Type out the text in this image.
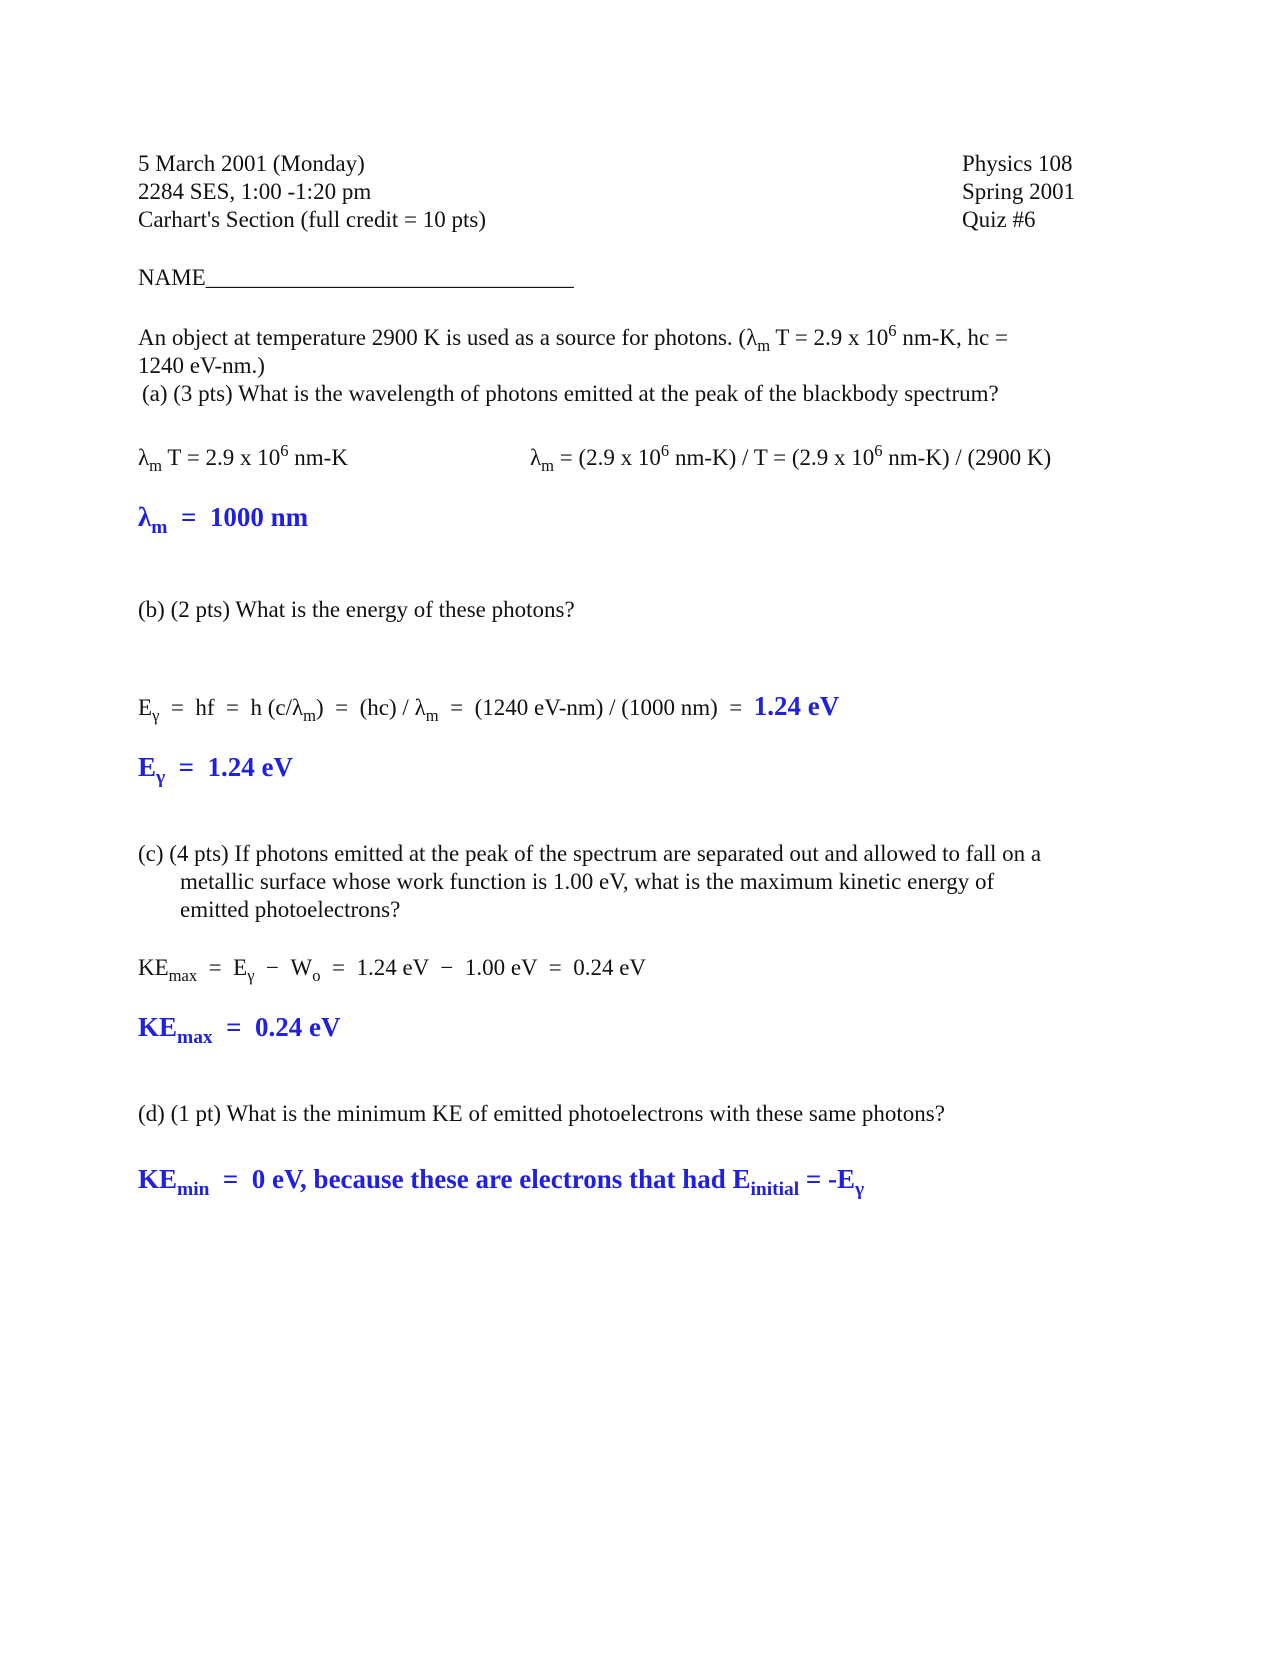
5 March 2001 (Monday)
2284 SES, 1:00 -1:20 pm
Carhart's Section (full credit = 10 pts)
Physics 108
Spring 2001
Quiz #6
NAME________________________________
An object at temperature 2900 K is used as a source for photons. ($\lambda_m$ T = 2.9 x $10^6$ nm-K, hc =
1240 eV-nm.)
(a) (3 pts) What is the wavelength of photons emitted at the peak of the blackbody spectrum?
$\lambda_m$ T = 2.9 x $10^6$ nm-K	$\lambda_m = (2.9$ x $10^6$ nm-K) / T = (2.9 x $10^6$ nm-K) / (2900 K)
$\lambda_m = 1000$ nm
(b) (2 pts) What is the energy of these photons?
$E_\gamma$  =  hf  =  h $(c/\lambda_m) = (hc) / \lambda_m = (1240$ eV-nm) / (1000 nm)  =  1.24 eV
$E_\gamma = 1.24$ eV
(c) (4 pts) If photons emitted at the peak of the spectrum are separated out and allowed to fall on a
metallic surface whose work function is 1.00 eV, what is the maximum kinetic energy of
emitted photoelectrons?
$KE_{max} = E_\gamma - W_o = 1.24$ eV  −  1.00 eV  =  0.24 eV
$KE_{max} = 0.24$ eV
(d) (1 pt) What is the minimum KE of emitted photoelectrons with these same photons?
$KE_{min} = 0$ eV, because these are electrons that had $E_{initial} = -E_\gamma$
